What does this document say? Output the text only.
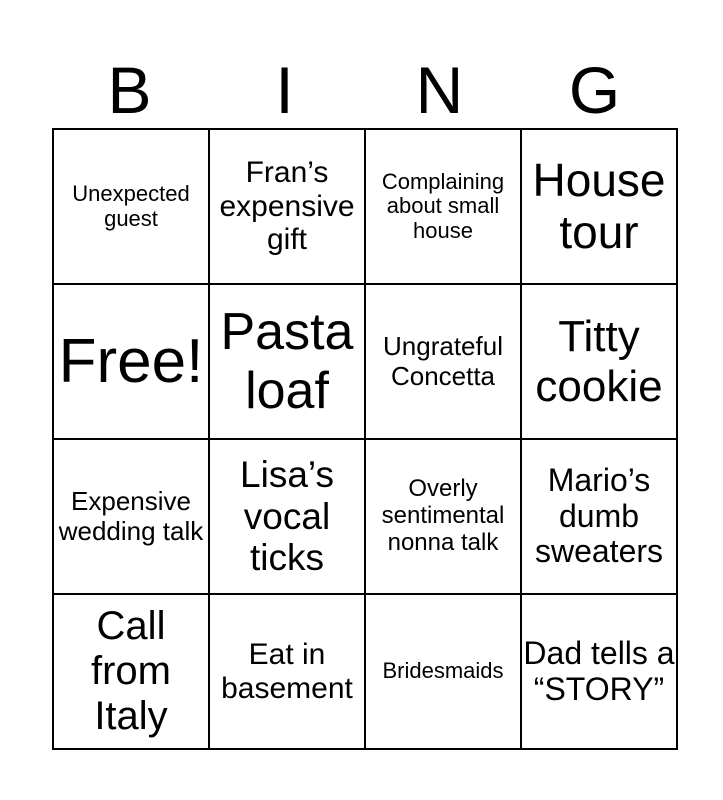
B	I	N	G
Unexpected guest	Fran’s expensive gift	Complaining about small house	House tour
Free!	Pasta loaf	Ungrateful Concetta	Titty cookie
Expensive wedding talk	Lisa’s vocal ticks	Overly sentimental nonna talk	Mario’s dumb sweaters
Call from Italy	Eat in basement	Bridesmaids	Dad tells a “STORY”
